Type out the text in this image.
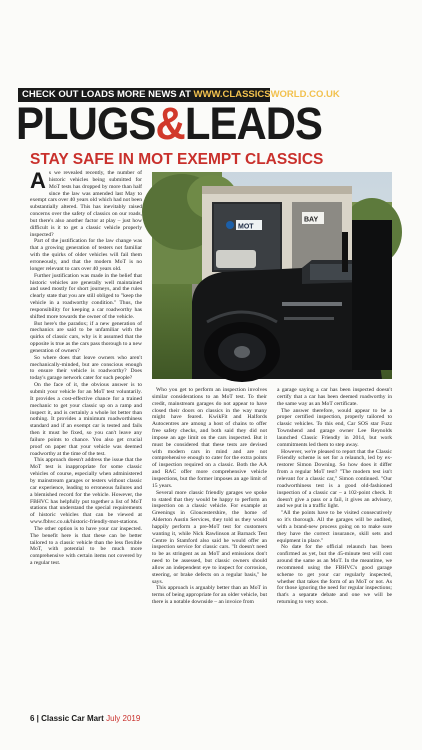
CHECK OUT LOADS MORE NEWS AT WWW.CLASSICSWORLD.CO.UK
PLUGS&LEADS
STAY SAFE IN MOT EXEMPT CLASSICS
A s we revealed recently, the number of historic vehicles being submitted for MoT tests has dropped by more than half since the law was amended last May to exempt cars over 40 years old which had not been substantially altered. This has inevitably raised concerns over the safety of classics on our roads, but there's also another factor at play – just how difficult is it to get a classic vehicle properly inspected?

Part of the justification for the law change was that a growing generation of testers not familiar with the quirks of older vehicles will fail them erroneously, and that the modern MoT is no longer relevant to cars over 40 years old.

Further justification was made in the belief that historic vehicles are generally well maintained and used mostly for short journeys, and the rules clearly state that you are still obliged to "keep the vehicle in a roadworthy condition." Thus, the responsibility for keeping a car roadworthy has shifted more towards the owner of the vehicle.

But here's the paradox; if a new generation of mechanics are said to be unfamiliar with the quirks of classic cars, why is it assumed that the opposite is true as the cars pass thorough to a new generation of owners?

So where does that leave owners who aren't mechanically-minded, but are conscious enough to ensure their vehicle is roadworthy? Does today's garage network cater for such people?

On the face of it, the obvious answer is to submit your vehicle for an MoT test voluntarily. It provides a cost-effective chance for a trained mechanic to get your classic up on a ramp and inspect it, and is certainly a whole lot better than nothing. It provides a minimum roadworthiness standard and if an exempt car is tested and fails then it must be fixed, so you can't leave any failure points to chance. You also get crucial proof on paper that your vehicle was deemed roadworthy at the time of the test.

This approach doesn't address the issue that the MoT test is inappropriate for some classic vehicles of course, especially when administered by mainstream garages or testers without classic car experience, leading to erroneous failures and a blemished record for the vehicle. However, the FBHVC has helpfully put together a list of MoT stations that understand the special requirements of historic vehicles that can be viewed at www.fbhvc.co.uk/historic-friendly-mot-stations.

The other option is to have your car inspected. The benefit here is that these can be better tailored to a classic vehicle than the less flexible MoT, with potential to be much more comprehensive with certain items not covered by a regular test.

MOT
BAY

Who you get to perform an inspection involves similar considerations to an MoT test. To their credit, mainstream garages do not appear to have closed their doors on classics in the way many might have feared. KwikFit and Halfords Autocentres are among a host of chains to offer free safety checks, and both said they did not impose an age limit on the cars inspected. But it must be considered that these tests are devised with modern cars in mind and are not comprehensive enough to cater for the extra points of inspection required on a classic. Both the AA and RAC offer more comprehensive vehicle inspections, but the former imposes an age limit of 15 years.

Several more classic friendly garages we spoke to stated that they would be happy to perform an inspection on a classic vehicle. For example at Greenings in Gloucestershire, the home of Alderton Austin Services, they told us they would happily perform a pre-MoT test for customers wanting it, while Nick Rawlinson at Barnack Test Centre in Stamford also said he would offer an inspection service for classic cars. "It doesn't need to be as stringent as an MoT and emissions don't need to be assessed, but classic owners should allow an independent eye to inspect for corrosion, steering, or brake defects on a regular basis," he says.

This approach is arguably better than an MoT in terms of being appropriate for an older vehicle, but there is a notable downside – an invoice from

a garage saying a car has been inspected doesn't certify that a car has been deemed roadworthy in the same way as an MoT certificate.

The answer therefore, would appear to be a proper certified inspection, properly tailored to classic vehicles. To this end, Car SOS star Fuzz Townshend and garage owner Lee Reynolds launched Classic Friendly in 2014, but work commitments led them to step away.

However, we're pleased to report that the Classic Friendly scheme is set for a relaunch, led by ex-restorer Simon Downing. So how does it differ from a regular MoT test? "The modern test isn't relevant for a classic car," Simon continued. "Our roadworthiness test is a good old-fashioned inspection of a classic car – a 102-point check. It doesn't give a pass or a fail, it gives an advisory, and we put in a traffic light.

"All the points have to be visited consecutively so it's thorough. All the garages will be audited, with a brand-new process going on to make sure they have the correct insurance, skill sets and equipment in place."

No date for the official relaunch has been confirmed as yet, but the 45-minute test will cost around the same as an MoT. In the meantime, we recommend using the FBHVC's good garage scheme to get your car regularly inspected, whether that takes the form of an MoT or not. As for those ignoring the need for regular inspections; that's a separate debate and one we will be returning to very soon.

6 | Classic Car Mart July 2019
